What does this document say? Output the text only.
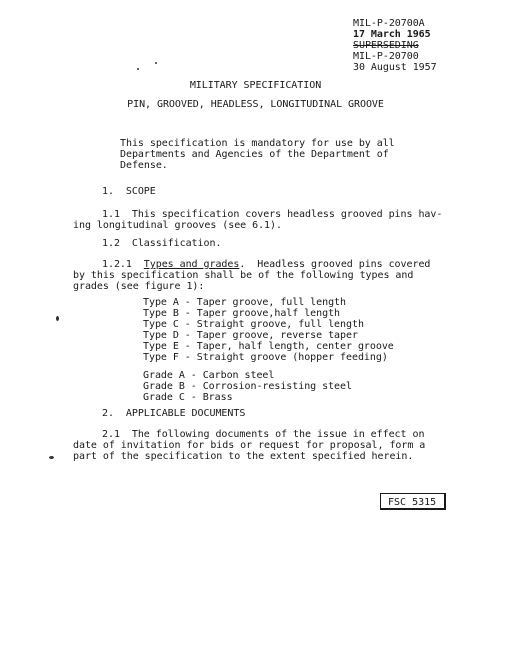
MIL-P-20700A
17 March 1965
SUPERSEDING
MIL-P-20700
30 August 1957
MILITARY SPECIFICATION
PIN, GROOVED, HEADLESS, LONGITUDINAL GROOVE
This specification is mandatory for use by all
Departments and Agencies of the Department of
Defense.
1.  SCOPE
1.1  This specification covers headless grooved pins hav-
ing longitudinal grooves (see 6.1).
1.2  Classification.
1.2.1  Types and grades.  Headless grooved pins covered
by this specification shall be of the following types and
grades (see figure 1):
Type A - Taper groove, full length
Type B - Taper groove,half length
Type C - Straight groove, full length
Type D - Taper groove, reverse taper
Type E - Taper, half length, center groove
Type F - Straight groove (hopper feeding)
Grade A - Carbon steel
Grade B - Corrosion-resisting steel
Grade C - Brass
2.  APPLICABLE DOCUMENTS
2.1  The following documents of the issue in effect on
date of invitation for bids or request for proposal, form a
part of the specification to the extent specified herein.
FSC 5315
